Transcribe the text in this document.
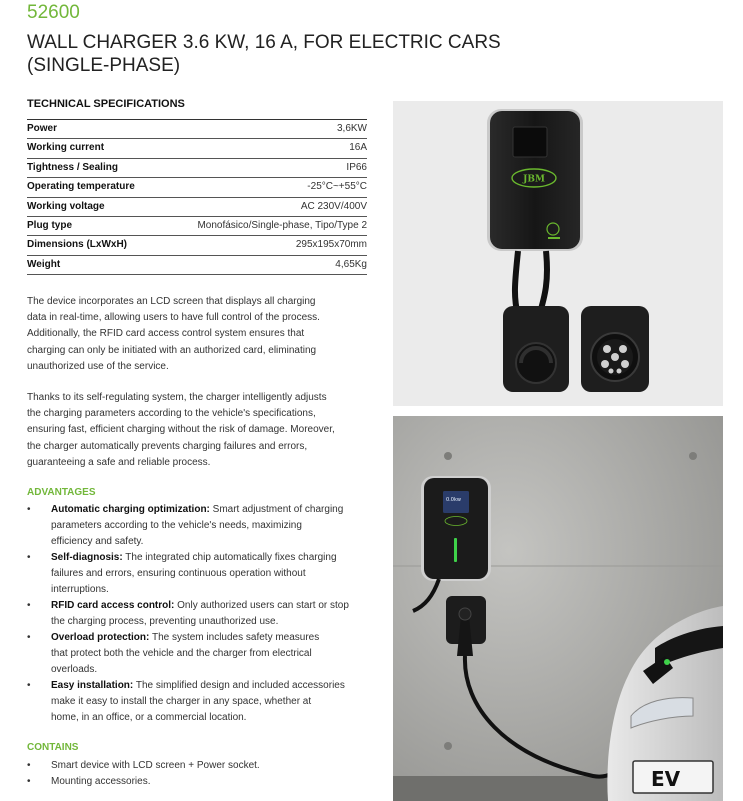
52600
WALL CHARGER 3.6 KW, 16 A, FOR ELECTRIC CARS
(SINGLE-PHASE)
TECHNICAL SPECIFICATIONS
Power	3,6KW
Working current	16A
Tightness / Sealing	IP66
Operating temperature	-25°C~+55°C
Working voltage	AC 230V/400V
Plug type	Monofásico/Single-phase, Tipo/Type 2
Dimensions (LxWxH)	295x195x70mm
Weight	4,65Kg
The device incorporates an LCD screen that displays all charging
data in real-time, allowing users to have full control of the process.
Additionally, the RFID card access control system ensures that
charging can only be initiated with an authorized card, eliminating
unauthorized use of the service.
Thanks to its self-regulating system, the charger intelligently adjusts
the charging parameters according to the vehicle's specifications,
ensuring fast, efficient charging without the risk of damage. Moreover,
the charger automatically prevents charging failures and errors,
guaranteeing a safe and reliable process.
ADVANTAGES
• Automatic charging optimization: Smart adjustment of charging
parameters according to the vehicle's needs, maximizing
efficiency and safety.
• Self-diagnosis: The integrated chip automatically fixes charging
failures and errors, ensuring continuous operation without
interruptions.
• RFID card access control: Only authorized users can start or stop
the charging process, preventing unauthorized use.
• Overload protection: The system includes safety measures
that protect both the vehicle and the charger from electrical
overloads.
• Easy installation: The simplified design and included accessories
make it easy to install the charger in any space, whether at
home, in an office, or a commercial location.
CONTAINS
• Smart device with LCD screen + Power socket.
• Mounting accessories.
JBM
0.0kw
EV
